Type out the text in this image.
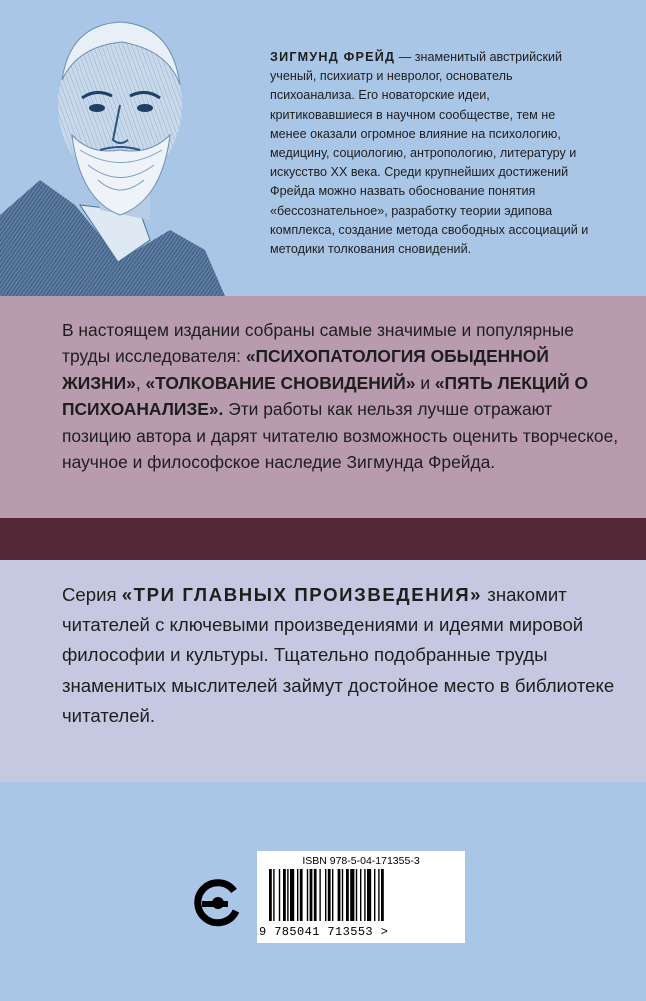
ЗИГМУНД ФРЕЙД — знаменитый австрийский ученый, психиатр и невролог, основатель психоанализа. Его новаторские идеи, критиковавшиеся в научном сообществе, тем не менее оказали огромное влияние на психологию, медицину, социологию, антропологию, литературу и искусство XX века. Среди крупнейших достижений Фрейда можно назвать обоснование понятия «бессознательное», разработку теории эдипова комплекса, создание метода свободных ассоциаций и методики толкования сновидений.
В настоящем издании собраны самые значимые и популярные труды исследователя: «ПСИХОПАТОЛОГИЯ ОБЫДЕННОЙ ЖИЗНИ», «ТОЛКОВАНИЕ СНОВИДЕНИЙ» и «ПЯТЬ ЛЕКЦИЙ О ПСИХОАНАЛИЗЕ». Эти работы как нельзя лучше отражают позицию автора и дарят читателю возможность оценить творческое, научное и философское наследие Зигмунда Фрейда.
Серия «ТРИ ГЛАВНЫХ ПРОИЗВЕДЕНИЯ» знакомит читателей с ключевыми произведениями и идеями мировой философии и культуры. Тщательно подобранные труды знаменитых мыслителей займут достойное место в библиотеке читателей.
ISBN 978-5-04-171355-3
9 785041 713553 >
